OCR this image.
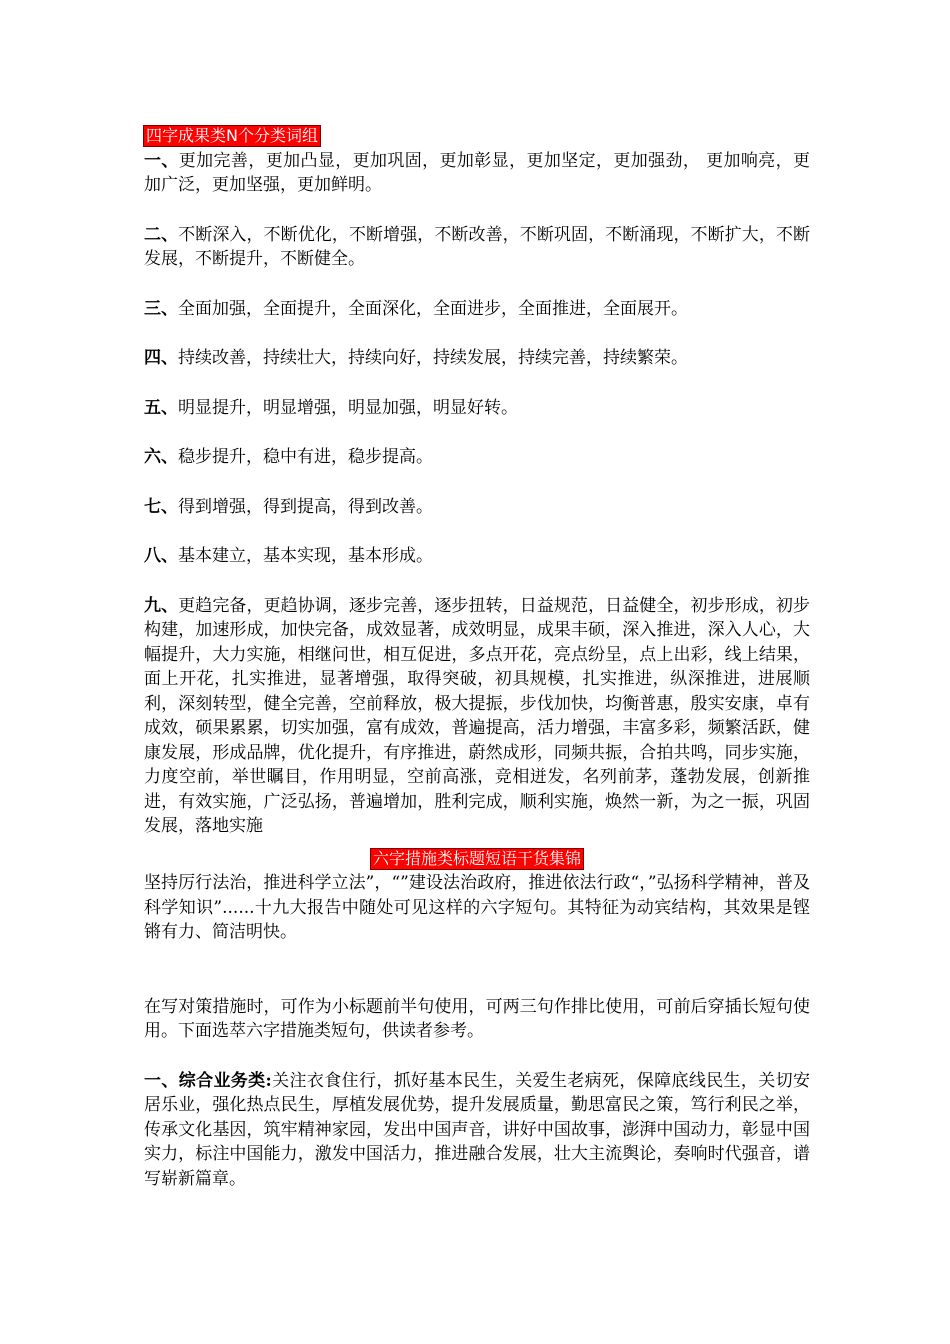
四字成果类N个分类词组

一、更加完善，更加凸显，更加巩固，更加彰显，更加坚定，更加强劲， 更加响亮，更加广泛，更加坚强，更加鲜明。

二、不断深入，不断优化，不断增强，不断改善，不断巩固，不断涌现，不断扩大，不断发展，不断提升，不断健全。

三、全面加强，全面提升，全面深化，全面进步，全面推进，全面展开。

四、持续改善，持续壮大，持续向好，持续发展，持续完善，持续繁荣。

五、明显提升，明显增强，明显加强，明显好转。

六、稳步提升，稳中有进，稳步提高。

七、得到增强，得到提高，得到改善。

八、基本建立，基本实现，基本形成。

九、更趋完备，更趋协调，逐步完善，逐步扭转，日益规范，日益健全，初步形成，初步构建，加速形成，加快完备，成效显著，成效明显，成果丰硕，深入推进，深入人心，大幅提升，大力实施，相继问世，相互促进，多点开花，亮点纷呈，点上出彩，线上结果，面上开花，扎实推进，显著增强，取得突破，初具规模，扎实推进，纵深推进，进展顺利，深刻转型，健全完善，空前释放，极大提振，步伐加快，均衡普惠，殷实安康，卓有成效，硕果累累，切实加强，富有成效，普遍提高，活力增强，丰富多彩，频繁活跃，健康发展，形成品牌，优化提升，有序推进，蔚然成形，同频共振，合拍共鸣，同步实施，力度空前，举世瞩目，作用明显，空前高涨，竞相迸发，名列前茅，蓬勃发展，创新推进，有效实施，广泛弘扬，普遍增加，胜利完成，顺利实施，焕然一新，为之一振，巩固发展，落地实施

六字措施类标题短语干货集锦

坚持厉行法治，推进科学立法”，“”建设法治政府，推进依法行政“，”弘扬科学精神，普及科学知识”......十九大报告中随处可见这样的六字短句。其特征为动宾结构，其效果是铿锵有力、简洁明快。

在写对策措施时，可作为小标题前半句使用，可两三句作排比使用，可前后穿插长短句使用。下面选萃六字措施类短句，供读者参考。

一、综合业务类:关注衣食住行，抓好基本民生，关爱生老病死，保障底线民生，关切安居乐业，强化热点民生，厚植发展优势，提升发展质量，勤思富民之策，笃行利民之举，传承文化基因，筑牢精神家园，发出中国声音，讲好中国故事，澎湃中国动力，彰显中国实力，标注中国能力，激发中国活力，推进融合发展，壮大主流舆论，奏响时代强音，谱写崭新篇章。
